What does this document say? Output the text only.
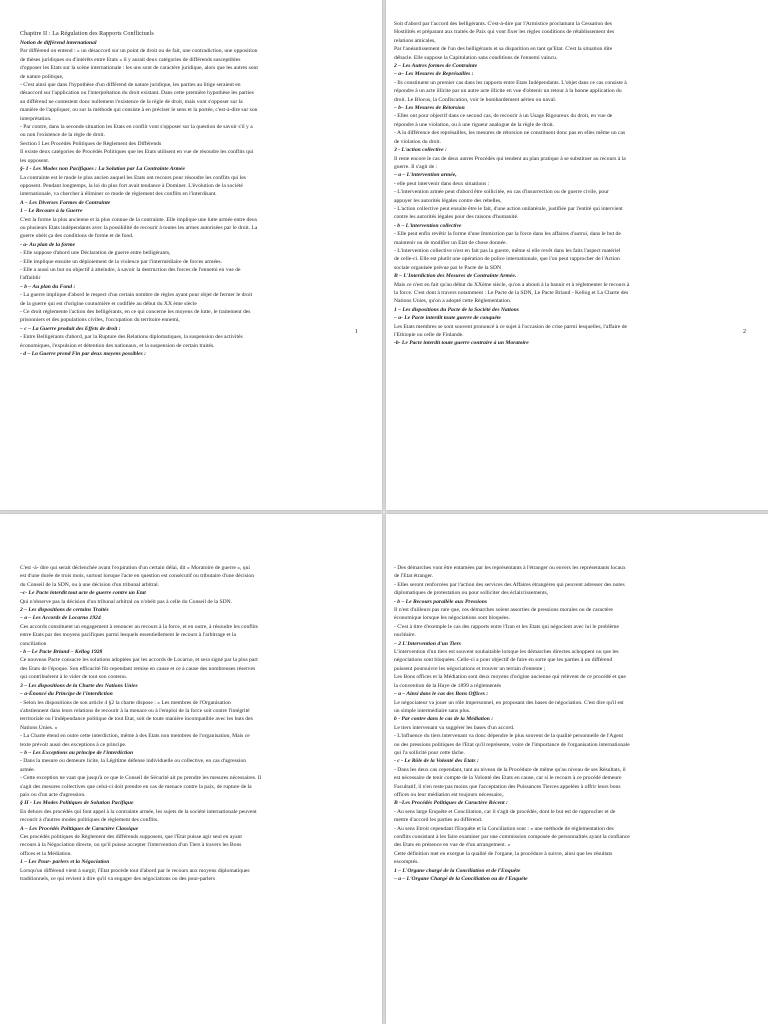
Chapitre II : La Régulation des Rapports Conflictuels
Notion de différend international
Par différend on entend : « un désaccord sur un point de droit ou de fait, une contradiction, une opposition
de thèses juridiques ou d'intérêts entre Etats » il y aurait deux catégories de différends susceptibles
d'opposer les Etats sur la scène internationale : les uns sont de caractère juridique, alors que les autres sont
de nature politique,
- C'est ainsi que dans l'hypothèse d'un différend de nature juridique, les parties au litige seraient en
désaccord sur l'application ou l'interprétation du droit existant. Dans cette première hypothèse les parties
au différend ne contestent donc nullement l'existence de la règle de droit, mais vont s'opposer sur la
manière de l'appliquer, ou sur la méthode qui consiste à en préciser le sens et la portée, c'est-à-dire sur son
interprétation.
- Par contre, dans la seconde situation les Etats en conflit vont s'opposer sur la question de savoir s'il y a
ou non l'existence de la règle de droit.
Section I Les Procédés Politiques de Règlement des Différends
Il existe deux catégories de Procédés Politiques que les Etats utilisent en vue de résoudre les conflits qui
les opposent.
§- I - Les Modes non Pacifiques : La Solution par La Contrainte Armée
La contrainte est le mode le plus ancien auquel les Etats ont recours pour résoudre les conflits qui les
opposent. Pendant longtemps, la loi du plus fort avait tendance à Dominer. L'évolution de la société
internationale, va chercher à éliminer ce mode de règlement des conflits en l'interdisant.
A – Les Diverses Formes de Contrainte
1 – Le Recours à la Guerre
C'est la forme la plus ancienne et la plus connue de la contrainte. Elle implique une lutte armée entre deux
ou plusieurs Etats indépendants avec la possibilité de recourir à toutes les armes autorisées par le droit. La
guerre obéit ça des conditions de forme et de fond.
- a- Au plan de la forme
- Elle suppose d'abord une Déclaration de guerre entre belligérants,
- Elle implique ensuite un déploiement de la violence par l'intermédiaire de forces armées.
- Elle a aussi un but ou objectif à atteindre, à savoir la destruction des forces de l'ennemi en vue de
l'affaiblir
– b – Au plan du Fond :
- La guerre implique d'abord le respect d'un certain nombre de règles ayant pour objet de fermer le droit
de la guerre qui est d'origine coutumière et codifiée au début du XX ème siècle
- Ce droit réglemente l'action des belligérants, en ce qui concerne les moyens de lutte, le traitement des
prisonniers et des populations civiles, l'occupation du territoire ennemi,
– c – La Guerre produit des Effets de droit :
- Entre Belligérants d'abord, par la Rupture des Relations diplomatiques, la suspension des activités
économiques, l'expulsion et détention des nationaux, et la suspension de certain traités.
- d – La Guerre prend Fin par deux moyens possibles :
1
Soit d'abord par l'accord des belligérants. C'est-à-dire par l'Armistice proclamant la Cessation des
Hostilités et préparant aux traités de Paix qui vont fixer les règles conditions de rétablissement des
relations amicales,
Par l'anéantissement de l'un des belligérants et sa disparition en tant qu'Etat. C'est la situation dite
débacle. Elle suppose la Capitulation sans conditions de l'ennemi vaincu.
2 – Les Autres formes de Contrainte
– a– Les Mesures de Représailles :
- Ils constituent un premier cas dans les rapports entre Etats Indépendants. L'objet dans ce cas consiste à
répondre à un acte illicite par un autre acte illicite en vue d'obtenir un retour à la bonne application du
droit. Le Blocus, la Confiscation, voir le bombardement aérien ou naval.
– b– Les Mesures de Rétorsion
- Elles ont pour objectif dans ce second cas, de recourir à un Usage Rigoureux du droit, en vue de
répondre à une violation, ou à une rigueur analogue de la règle de droit.
- A la différence des représailles, les mesures de rétorsion ne constituent donc pas en elles même un cas
de violation du droit.
3 - L'action collective :
Il reste encore le cas de deux autres Procédés qui tendent au plan pratique à se substituer au recours à la
guerre. Il s'agit de :
– a – L'intervention armée,
- elle peut intervenir dans deux situations :
- L'intervention armée peut d'abord être sollicitée, en cas d'insurrection ou de guerre civile, pour
appuyer les autorités légales contre des rebelles,
- L'action collective peut ensuite être le fait, d'une action unilatérale, justifiée par l'entité qui intervient
contre les autorités légales pour des raisons d'humanité.
- b – L'intervention collective
- Elle peut enfin revêtir la forme d'une Immixtion par la force dans les affaires d'autrui, dans le but de
maintenir ou de modifier un Etat de chose donnée.
- L'intervention collective n'est en fait pas la guerre, même si elle revêt dans les faits l'aspect matériel
de celle-ci. Elle est plutôt une opération de police internationale, que l'on peut rapprocher de l'Action
sociale organisée prévue par le Pacte de la SDN
B – L'Interdiction des Mesures de Contrainte Armée.
Mais ce n'est en fait qu'au début du XXème siècle, qu'on a abouti à la bannir et à réglementer le recours à
la force. C'est dont à travers notamment : Le Pacte de la SDN, Le Pacte Briand - Kellog et La Charte des
Nations Unies, qu'on a adopté cette Réglementation.
1 – Les dispositions du Pacte de la Société des Nations
– a- Le Pacte interdit toute guerre de conquête
Les Etats membres se sont souvent prononcé à ce sujet à l'occasion de crise parmi lesquelles, l'affaire de
l'Ethiopie ou celle de Finlande.
-b- Le Pacte interdit toute guerre contraire à un Moratoire
2
C'est -à- dire qui serait déclenchée avant l'expiration d'un certain délai, dit « Moratoire de guerre », qui
est d'une durée de trois mois, surtout lorsque l'acte en question est consécutif ou tributaire d'une décision
du Conseil de la SDN, ou à une décision d'un tribunal arbitral.
–c- Le Pacte interdit tout acte de guerre contre un Etat
Qui n'observe pas la décision d'un tribunal arbitral ou n'obéit pas à celle du Conseil de la SDN.
2 – Les dispositions de certains Traités
– a – Les Accords de Locarno 1924
Ces accords constituent un engagement à renoncer au recours à la force, et en outre, à résoudre les conflits
entre Etats par des moyens pacifiques parmi lesquels essentiellement le recours à l'arbitrage et la
conciliation
- b – Le Pacte Briand – Kellog 1928
Ce nouveau Pacte consacre les solutions adoptées par les accords de Locarno, et sera signé par la plus part
des Etats de l'époque. Son efficacité fût cependant remise en cause et ce à cause des nombreuses réserves
qui contribuèrent à le vider de tout son contenu.
3 – Les dispositions de la Charte des Nations Unies
– a-Énoncé du Principe de l'interdiction
- Selon les dispositions de son article 4 §2 la charte dispose : « Les membres de l'Organisation
s'abstiennent dans leurs relations de recourir à la menace ou à l'emploi de la force soit contre l'intégrité
territoriale ou l'indépendance politique de tout Etat, soit de toute manière incompatible avec les buts des
Nations Unies. »
- La Charte étend en outre cette interdiction, même à des Etats non membres de l'organisation, Mais ce
texte prévoit aussi des exceptions à ce principe.
– b – Les Exceptions au principe de l'interdiction
- Dans la mesure ou demeure licite, la Légitime défense individuelle ou collective, en cas d'agression
armée.
- Cette exception ne vaut que jusqu'à ce que le Conseil de Sécurité ait pu prendre les mesures nécessaires. Il
s'agit des mesures collectives que celui-ci doit prendre en cas de menace contre la paix, de rupture de la
paix ou d'un acte d'agression.
§ II - Les Modes Politiques de Solution Pacifique
En dehors des procédés qui font appel à la contrainte armée, les sujets de la société internationale peuvent
recourir à d'autres modes politiques de règlement des conflits.
A – Les Procédés Politiques de Caractère Classique
Ces procédés politiques de Règlement des différends supposent, que l'Etat puisse agir seul en ayant
recours à la Négociation directe, ou qu'il puisse accepter l'intervention d'un Tiers à travers les Bons
offices et la Médiation.
1 – Les Pour- parlers et la Négociation
Lorsqu'un différend vient à surgir, l'Etat procède tout d'abord par le recours aux moyens diplomatiques
traditionnels, ce qui revient à dire qu'il va engager des négociations ou des pour-parlers
- Des démarches vont être entamées par les représentants à l'étranger ou envers les représentants locaux
de l'Etat étranger.
- Elles seront renforcées par l'action des services des Affaires étrangères qui peuvent adresser des notes
diplomatiques de protestation ou pour solliciter des éclaircissements,
- b – Le Recours parallèle aux Pressions
Il n'est d'ailleurs pas rare que, ces démarches soient assorties de pressions morales ou de caractère
économique lorsque les négociations sont bloquées.
- C'est à titre d'exemple le cas des rapports entre l'Iran et les Etats qui négocient avec lui le problème
nucléaire.
– 2 L'Intervention d'un Tiers
L'intervention d'un tiers est souvent souhaitable lorsque les démarches directes achoppent ou que les
négociations sont bloquées. Celle-ci a pour objectif de faire en sorte que les parties à un différend
puissent poursuivre les négociations et trouver un terrain d'entente ;
Les Bons offices et la Médiation sont deux moyens d'origine ancienne qui relèvent de ce procédé et que
la convention de la Haye de 1899 a réglementés
– a – Ainsi dans le cas des Bons Offices :
Le négociateur va jouer un rôle impersonnel, en proposant des bases de négociation. C'est dire qu'il est
un simple intermédiaire sans plus.
b - Par contre dans le cas de la Médiation :
Le tiers intervenant va suggérer les bases d'un accord.
- L'influence du tiers intervenant va donc dépendre le plus souvent de la qualité personnelle de l'Agent
ou des pressions politiques de l'Etat qu'il représente, voire de l'importance de l'organisation internationale
qui l'a sollicité pour cette tâche.
- c - Le Rôle de la Volonté des Etats :
- Dans les deux cas cependant, tant au niveau de la Procédure de même qu'au niveau de ses Résultats, il
est nécessaire de tenir compte de la Volonté des Etats en cause, car si le recours à ce procédé demeure
Facultatif, il n'en reste pas moins que l'acceptation des Puissances Tierces appelées à offrir leurs bons
offices ou leur médiation est toujours nécessaire,.
B –Les Procédés Politiques de Caractère Récent :
- Au sens large Enquête et Conciliation, car il s'agit de procédés, dont le but est de rapprocher et de
mettre d'accord les parties au différend.
- Au sens Etroit cependant l'Enquête et la Conciliation sont : « une méthode de réglementation des
conflits consistant à les faire examiner par une commission composée de personnalités ayant la confiance
des Etats en présence en vue de d'un arrangement. »
Cette définition met en exergue la qualité de l'organe, la procédure à suivre, ainsi que les résultats
escomptés.
1 – L'Organe chargé de la Conciliation et de l'Enquête
– a – L'Organe Chargé de la Conciliation ou de l'Enquête
